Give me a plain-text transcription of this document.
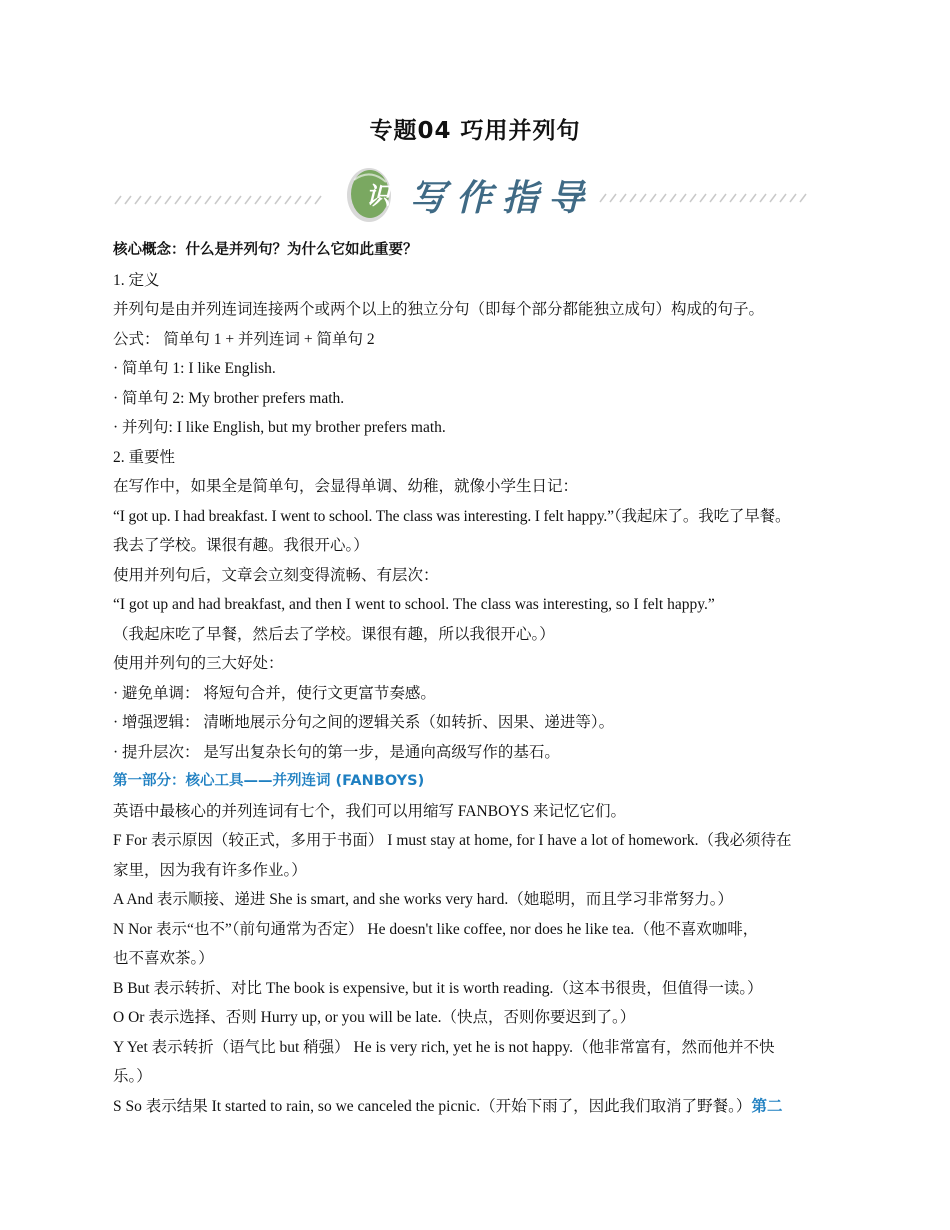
专题04 巧用并列句
识 写作指导
核心概念：什么是并列句？为什么它如此重要？
1. 定义
并列句是由并列连词连接两个或两个以上的独立分句（即每个部分都能独立成句）构成的句子。
公式： 简单句 1 + 并列连词 + 简单句 2
· 简单句 1: I like English.
· 简单句 2: My brother prefers math.
· 并列句: I like English, but my brother prefers math.
2. 重要性
在写作中，如果全是简单句，会显得单调、幼稚，就像小学生日记：
“I got up. I had breakfast. I went to school. The class was interesting. I felt happy.”（我起床了。我吃了早餐。
我去了学校。课很有趣。我很开心。）
使用并列句后，文章会立刻变得流畅、有层次：
“I got up and had breakfast, and then I went to school. The class was interesting, so I felt happy.”
（我起床吃了早餐，然后去了学校。课很有趣，所以我很开心。）
使用并列句的三大好处：
· 避免单调： 将短句合并，使行文更富节奏感。
· 增强逻辑： 清晰地展示分句之间的逻辑关系（如转折、因果、递进等）。
· 提升层次： 是写出复杂长句的第一步，是通向高级写作的基石。
第一部分：核心工具——并列连词 (FANBOYS)
英语中最核心的并列连词有七个，我们可以用缩写 FANBOYS 来记忆它们。
F For 表示原因（较正式，多用于书面） I must stay at home, for I have a lot of homework.（我必须待在
家里，因为我有许多作业。）
A And 表示顺接、递进 She is smart, and she works very hard.（她聪明，而且学习非常努力。）
N Nor 表示“也不”（前句通常为否定） He doesn't like coffee, nor does he like tea.（他不喜欢咖啡，
也不喜欢茶。）
B But 表示转折、对比 The book is expensive, but it is worth reading.（这本书很贵，但值得一读。）
O Or 表示选择、否则 Hurry up, or you will be late.（快点，否则你要迟到了。）
Y Yet 表示转折（语气比 but 稍强） He is very rich, yet he is not happy.（他非常富有，然而他并不快
乐。）
S So 表示结果 It started to rain, so we canceled the picnic.（开始下雨了，因此我们取消了野餐。）第二
